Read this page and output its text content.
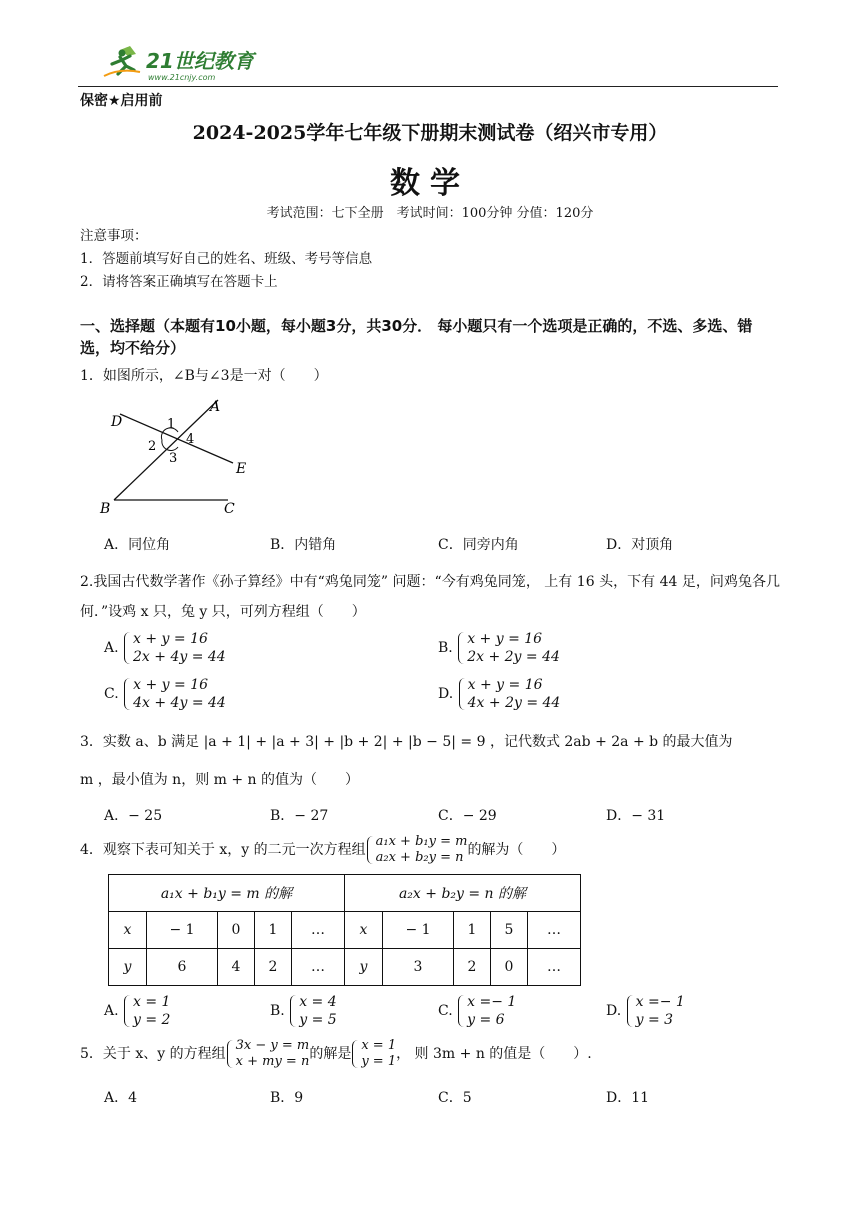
21世纪教育
www.21cnjy.com
保密★启用前
2024-2025学年七年级下册期末测试卷（绍兴市专用）
数学
考试范围：七下全册　考试时间：100分钟 分值：120分
注意事项：
1．答题前填写好自己的姓名、班级、考号等信息
2．请将答案正确填写在答题卡上
一、选择题（本题有10小题，每小题3分，共30分． 每小题只有一个选项是正确的，不选、多选、错选，均不给分）
1．如图所示，∠B与∠3是一对（　　）
A
D
E
B	C
1
2 4
3
A．同位角	B．内错角	C．同旁内角	D．对顶角
2.我国古代数学著作《孙子算经》中有“鸡兔同笼” 问题：“今有鸡兔同笼， 上有 16 头，下有 44 足，问鸡兔各几何．”设鸡 x 只，兔 y 只，可列方程组（　　）
A.
x + y = 16
2x + 4y = 44
B.
x + y = 16
2x + 2y = 44
C.
x + y = 16
4x + 4y = 44
D.
x + y = 16
4x + 2y = 44
3．实数 a、b 满足 |a + 1| + |a + 3| + |b + 2| + |b − 5| = 9 ，记代数式 2ab + 2a + b 的最大值为
m ，最小值为 n，则 m + n 的值为（　　）
A．− 25	B．− 27	C．− 29	D．− 31
4．观察下表可知关于 x，y 的二元一次方程组
a₁x + b₁y = m
a₂x + b₂y = n 的解为（　　）
a₁x + b₁y = m 的解					a₂x + b₂y = n 的解				
x	− 1	0	1	…	x	− 1	1	5	…
y	6	4	2	…	y	3	2	0	…
A.
x = 1
y = 2
B.
x = 4
y = 5
C.
x =− 1
y = 6
D.
x =− 1
y = 3
5．关于 x、y 的方程组
3x − y = m
x + my = n 的解是
x = 1
y = 1 ， 则 3m + n 的值是（　　）.
A．4	B．9	C．5	D．11
